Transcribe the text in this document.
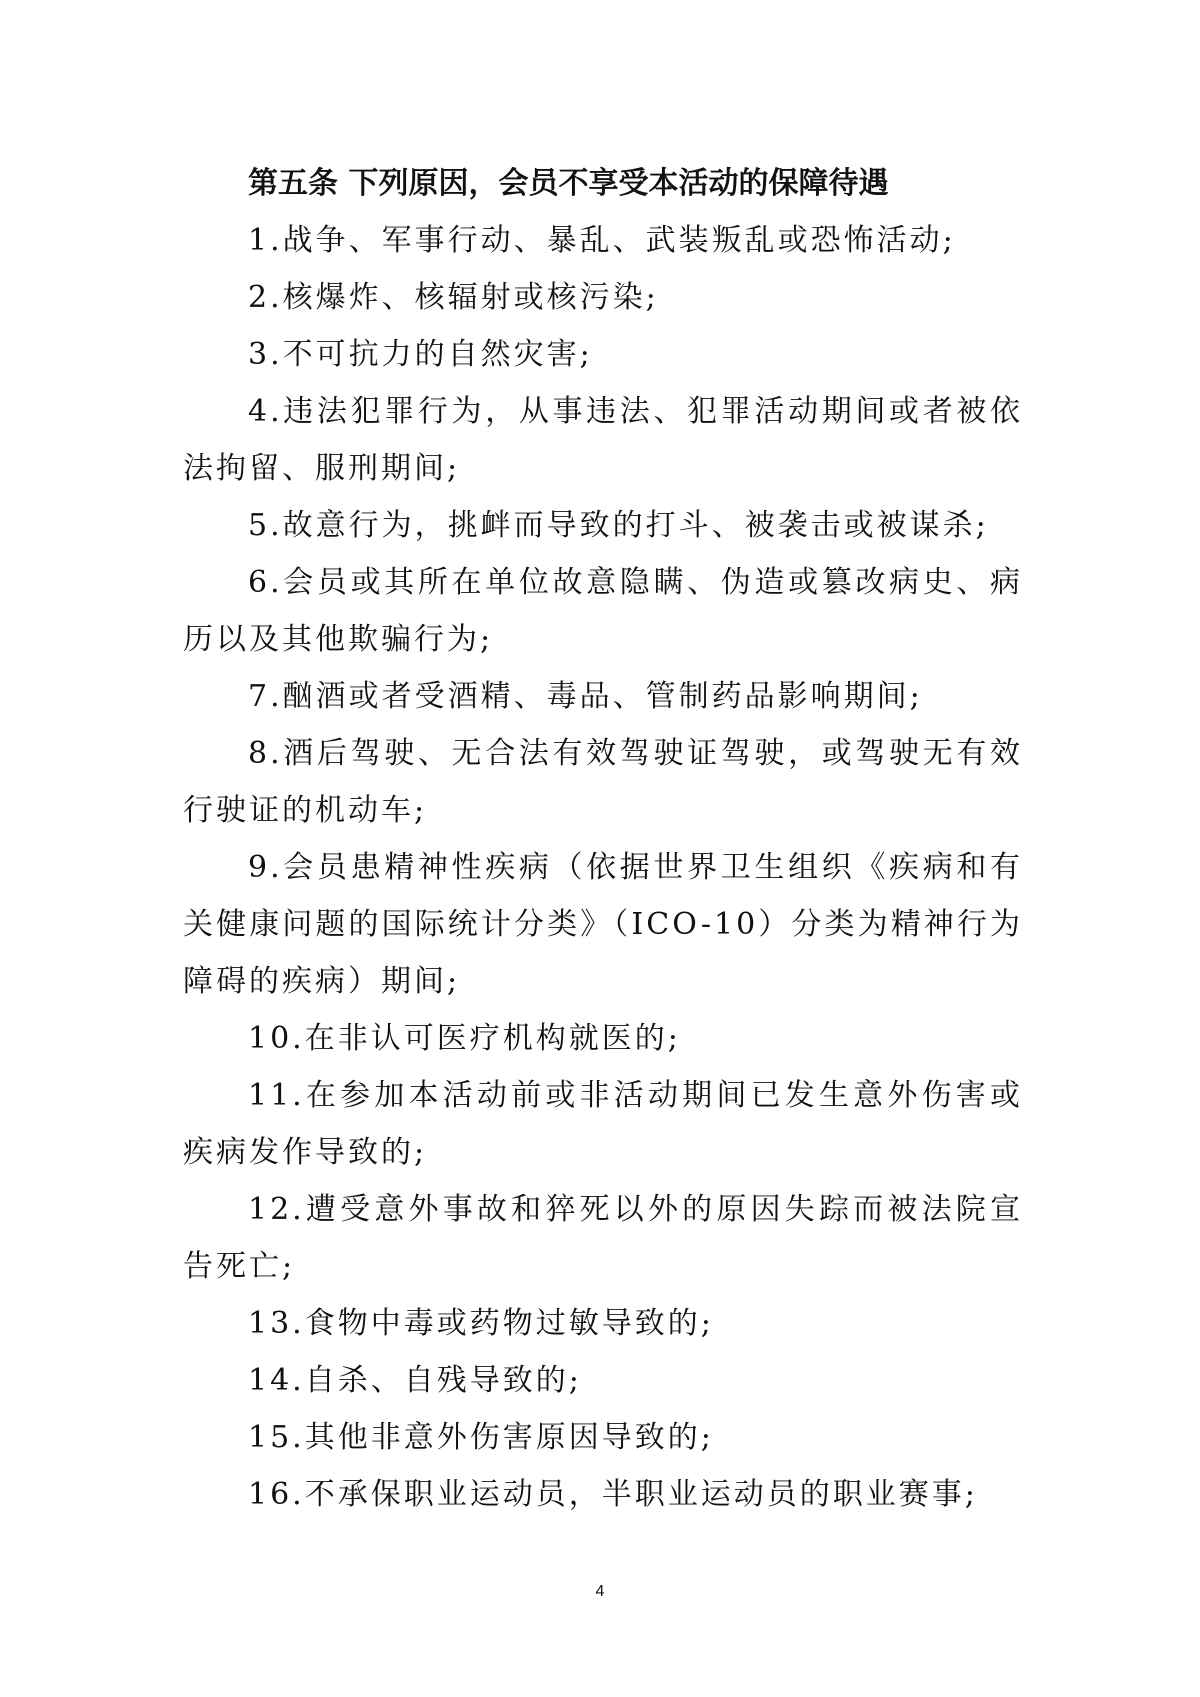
第五条 下列原因，会员不享受本活动的保障待遇

1.战争、军事行动、暴乱、武装叛乱或恐怖活动;

2.核爆炸、核辐射或核污染;

3.不可抗力的自然灾害;

4.违法犯罪行为，从事违法、犯罪活动期间或者被依法拘留、服刑期间;

5.故意行为，挑衅而导致的打斗、被袭击或被谋杀;

6.会员或其所在单位故意隐瞒、伪造或篡改病史、病历以及其他欺骗行为;

7.酗酒或者受酒精、毒品、管制药品影响期间;

8.酒后驾驶、无合法有效驾驶证驾驶，或驾驶无有效行驶证的机动车;

9.会员患精神性疾病（依据世界卫生组织《疾病和有关健康问题的国际统计分类》（ICO-10）分类为精神行为障碍的疾病）期间;

10.在非认可医疗机构就医的;

11.在参加本活动前或非活动期间已发生意外伤害或疾病发作导致的;

12.遭受意外事故和猝死以外的原因失踪而被法院宣告死亡;

13.食物中毒或药物过敏导致的;

14.自杀、自残导致的;

15.其他非意外伤害原因导致的;

16.不承保职业运动员，半职业运动员的职业赛事;

4
